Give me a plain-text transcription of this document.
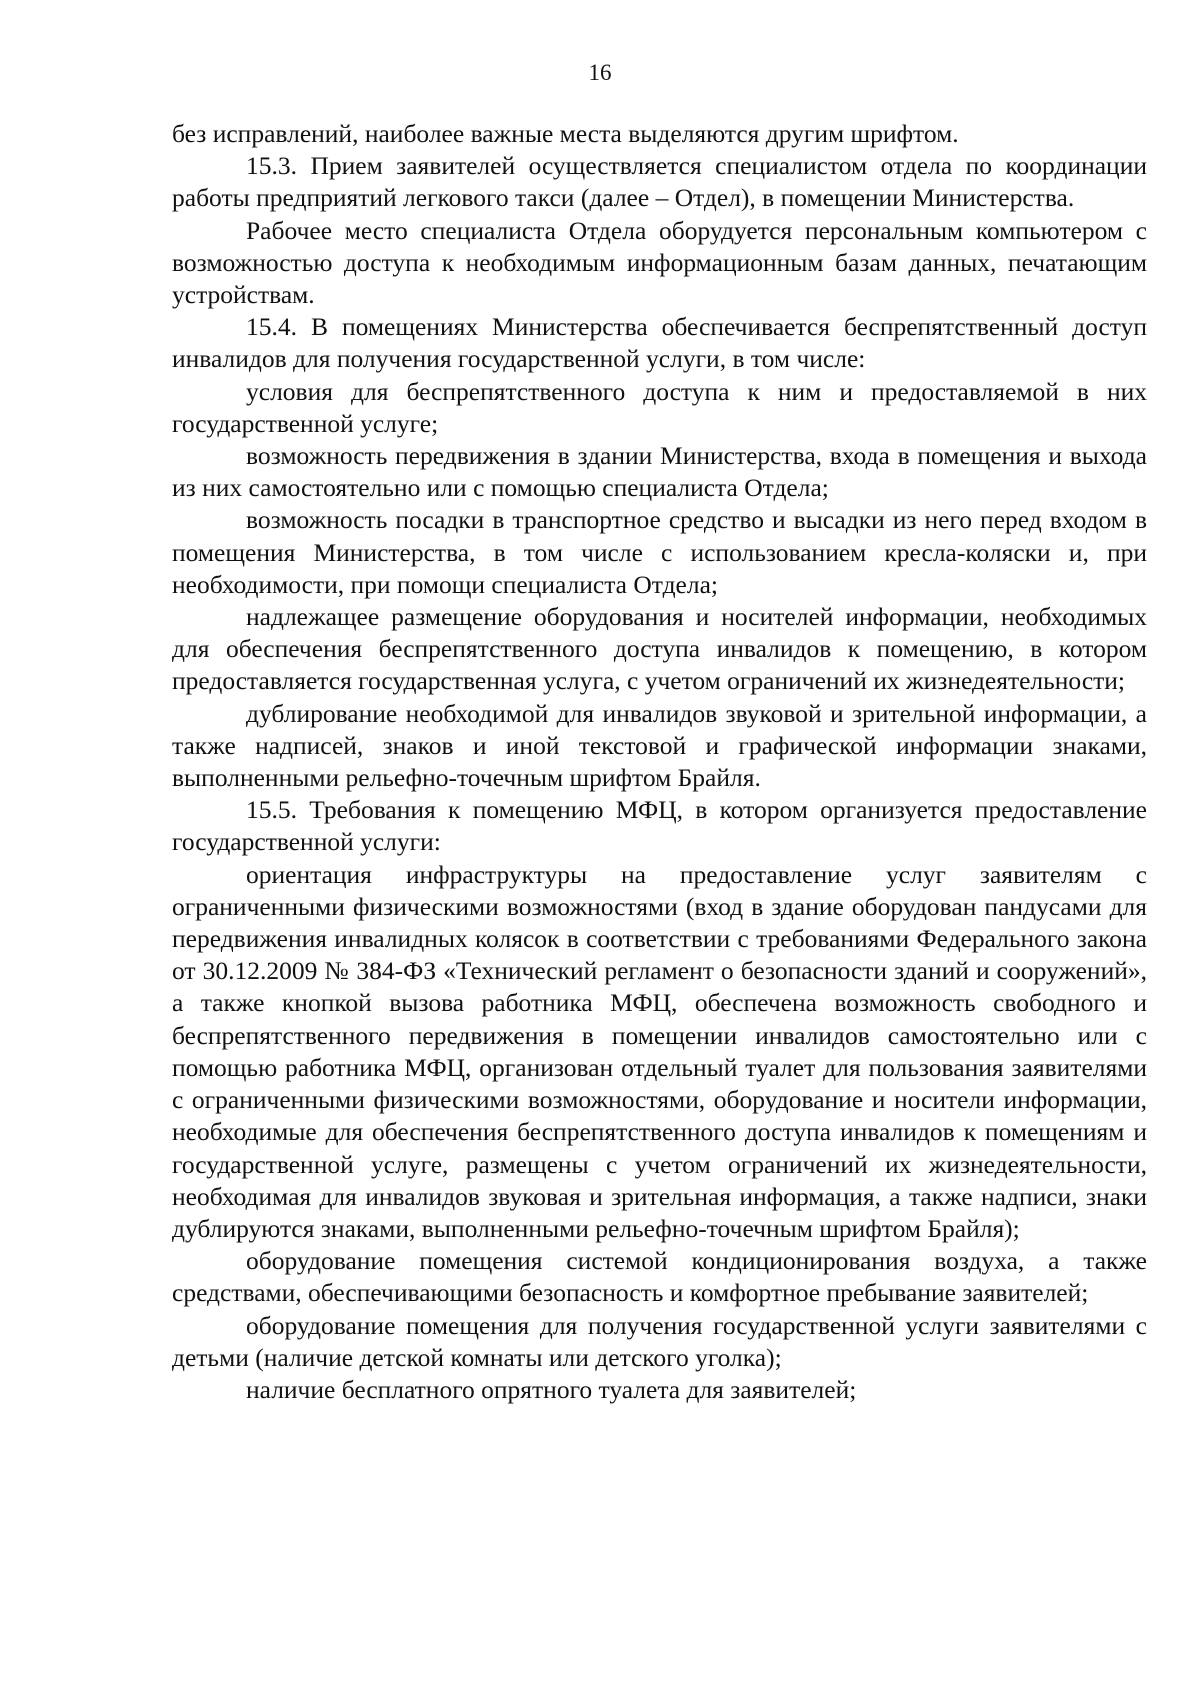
16

без исправлений, наиболее важные места выделяются другим шрифтом.

15.3. Прием заявителей осуществляется специалистом отдела по координации работы предприятий легкового такси (далее – Отдел), в помещении Министерства.

Рабочее место специалиста Отдела оборудуется персональным компьютером с возможностью доступа к необходимым информационным базам данных, печатающим устройствам.

15.4. В помещениях Министерства обеспечивается беспрепятственный доступ инвалидов для получения государственной услуги, в том числе:

условия для беспрепятственного доступа к ним и предоставляемой в них государственной услуге;

возможность передвижения в здании Министерства, входа в помещения и выхода из них самостоятельно или с помощью специалиста Отдела;

возможность посадки в транспортное средство и высадки из него перед входом в помещения Министерства, в том числе с использованием кресла-коляски и, при необходимости, при помощи специалиста Отдела;

надлежащее размещение оборудования и носителей информации, необходимых для обеспечения беспрепятственного доступа инвалидов к помещению, в котором предоставляется государственная услуга, с учетом ограничений их жизнедеятельности;

дублирование необходимой для инвалидов звуковой и зрительной информации, а также надписей, знаков и иной текстовой и графической информации знаками, выполненными рельефно-точечным шрифтом Брайля.

15.5. Требования к помещению МФЦ, в котором организуется предоставление государственной услуги:

ориентация инфраструктуры на предоставление услуг заявителям с ограниченными физическими возможностями (вход в здание оборудован пандусами для передвижения инвалидных колясок в соответствии с требованиями Федерального закона от 30.12.2009 № 384-ФЗ «Технический регламент о безопасности зданий и сооружений», а также кнопкой вызова работника МФЦ, обеспечена возможность свободного и беспрепятственного передвижения в помещении инвалидов самостоятельно или с помощью работника МФЦ, организован отдельный туалет для пользования заявителями с ограниченными физическими возможностями, оборудование и носители информации, необходимые для обеспечения беспрепятственного доступа инвалидов к помещениям и государственной услуге, размещены с учетом ограничений их жизнедеятельности, необходимая для инвалидов звуковая и зрительная информация, а также надписи, знаки дублируются знаками, выполненными рельефно-точечным шрифтом Брайля);

оборудование помещения системой кондиционирования воздуха, а также средствами, обеспечивающими безопасность и комфортное пребывание заявителей;

оборудование помещения для получения государственной услуги заявителями с детьми (наличие детской комнаты или детского уголка);

наличие бесплатного опрятного туалета для заявителей;
